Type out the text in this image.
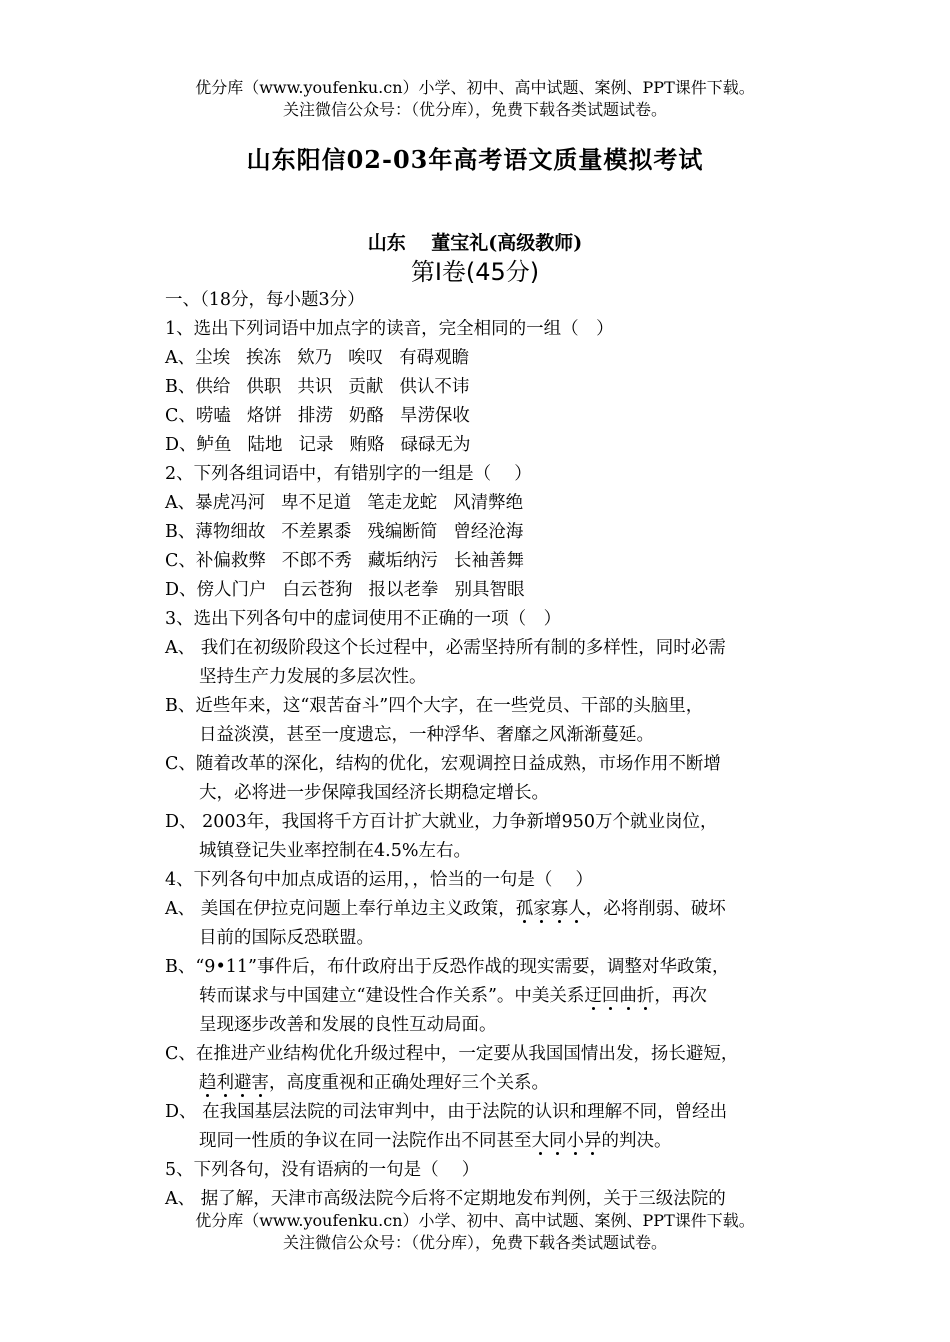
优分库（www.youfenku.cn）小学、初中、高中试题、案例、PPT课件下载。
关注微信公众号：（优分库），免费下载各类试题试卷。
山东阳信02-03年高考语文质量模拟考试
山东　 董宝礼(高级教师)
第Ⅰ卷(45分)
一、（18分，每小题3分）
1、选出下列词语中加点字的读音，完全相同的一组（　）
A、尘埃 挨冻 欸乃 唉叹 有碍观瞻
B、供给 供职 共识 贡献 供认不讳
C、唠嗑 烙饼 排涝 奶酪 旱涝保收
D、鲈鱼 陆地 记录 贿赂 碌碌无为
2、下列各组词语中，有错别字的一组是（　 ）
A、暴虎冯河 卑不足道 笔走龙蛇 风清弊绝
B、薄物细故 不差累黍 残编断简 曾经沧海
C、补偏救弊 不郎不秀 藏垢纳污 长袖善舞
D、傍人门户 白云苍狗 报以老拳 别具智眼
3、选出下列各句中的虚词使用不正确的一项（　）
A、 我们在初级阶段这个长过程中，必需坚持所有制的多样性，同时必需
坚持生产力发展的多层次性。
B、近些年来，这“艰苦奋斗”四个大字，在一些党员、干部的头脑里，
日益淡漠，甚至一度遗忘，一种浮华、奢靡之风渐渐蔓延。
C、随着改革的深化，结构的优化，宏观调控日益成熟，市场作用不断增
大，必将进一步保障我国经济长期稳定增长。
D、 2003年，我国将千方百计扩大就业，力争新增950万个就业岗位，
城镇登记失业率控制在4.5%左右。
4、下列各句中加点成语的运用，，恰当的一句是（　 ）
A、 美国在伊拉克问题上奉行单边主义政策，孤家寡人，必将削弱、破坏
目前的国际反恐联盟。
B、“9•11”事件后，布什政府出于反恐作战的现实需要，调整对华政策，
转而谋求与中国建立“建设性合作关系”。中美关系迂回曲折，再次
呈现逐步改善和发展的良性互动局面。
C、在推进产业结构优化升级过程中，一定要从我国国情出发，扬长避短，
趋利避害，高度重视和正确处理好三个关系。
D、 在我国基层法院的司法审判中，由于法院的认识和理解不同，曾经出
现同一性质的争议在同一法院作出不同甚至大同小异的判决。
5、下列各句，没有语病的一句是（　 ）
A、 据了解，天津市高级法院今后将不定期地发布判例，关于三级法院的
优分库（www.youfenku.cn）小学、初中、高中试题、案例、PPT课件下载。
关注微信公众号：（优分库），免费下载各类试题试卷。
